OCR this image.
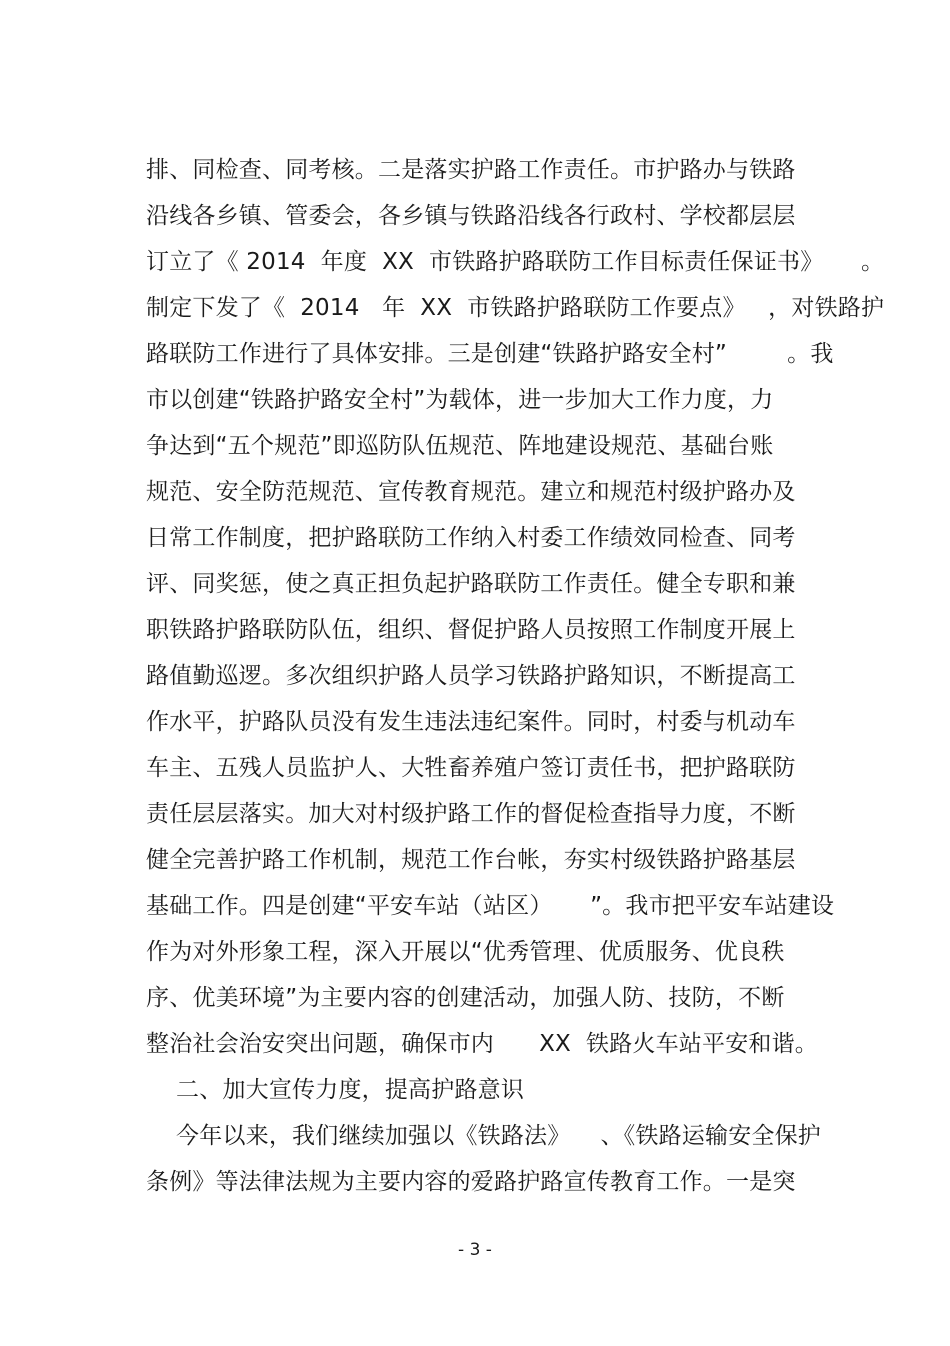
排、同检查、同考核。二是落实护路工作责任。市护路办与铁路
沿线各乡镇、管委会，各乡镇与铁路沿线各行政村、学校都层层
订立了《 2014  年度  XX  市铁路护路联防工作目标责任保证书》     。
制定下发了《  2014   年  XX  市铁路护路联防工作要点》   ，对铁路护
路联防工作进行了具体安排。三是创建“铁路护路安全村”        。我
市以创建“铁路护路安全村”为载体，进一步加大工作力度，力
争达到“五个规范”即巡防队伍规范、阵地建设规范、基础台账
规范、安全防范规范、宣传教育规范。建立和规范村级护路办及
日常工作制度，把护路联防工作纳入村委工作绩效同检查、同考
评、同奖惩，使之真正担负起护路联防工作责任。健全专职和兼
职铁路护路联防队伍，组织、督促护路人员按照工作制度开展上
路值勤巡逻。多次组织护路人员学习铁路护路知识，不断提高工
作水平，护路队员没有发生违法违纪案件。同时，村委与机动车
车主、五残人员监护人、大牲畜养殖户签订责任书，把护路联防
责任层层落实。加大对村级护路工作的督促检查指导力度，不断
健全完善护路工作机制，规范工作台帐，夯实村级铁路护路基层
基础工作。四是创建“平安车站（站区）     ”。我市把平安车站建设
作为对外形象工程，深入开展以“优秀管理、优质服务、优良秩
序、优美环境”为主要内容的创建活动，加强人防、技防，不断
整治社会治安突出问题，确保市内      XX  铁路火车站平安和谐。
二、加大宣传力度，提高护路意识
今年以来，我们继续加强以《铁路法》    、《铁路运输安全保护
条例》等法律法规为主要内容的爱路护路宣传教育工作。一是突
- 3 -
